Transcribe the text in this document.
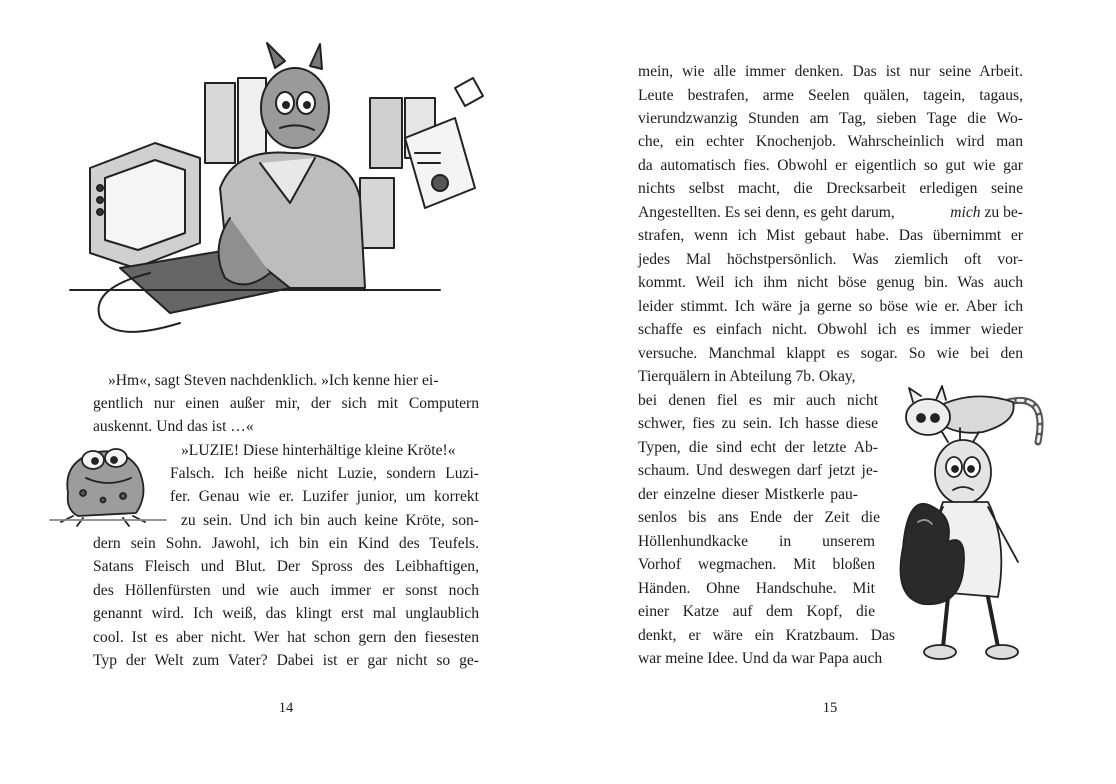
»Hm«, sagt Steven nachdenklich. »Ich kenne hier ei-
gentlich nur einen außer mir, der sich mit Computern
auskennt. Und das ist …«
»LUZIE! Diese hinterhältige kleine Kröte!«
Falsch. Ich heiße nicht Luzie, sondern Luzi-
fer. Genau wie er. Luzifer junior, um korrekt
zu sein. Und ich bin auch keine Kröte, son-
dern sein Sohn. Jawohl, ich bin ein Kind des Teufels.
Satans Fleisch und Blut. Der Spross des Leibhaftigen,
des Höllenfürsten und wie auch immer er sonst noch
genannt wird. Ich weiß, das klingt erst mal unglaublich
cool. Ist es aber nicht. Wer hat schon gern den fiesesten
Typ der Welt zum Vater? Dabei ist er gar nicht so ge-
14
mein, wie alle immer denken. Das ist nur seine Arbeit.
Leute bestrafen, arme Seelen quälen, tagein, tagaus,
vierundzwanzig Stunden am Tag, sieben Tage die Wo-
che, ein echter Knochenjob. Wahrscheinlich wird man
da automatisch fies. Obwohl er eigentlich so gut wie gar
nichts selbst macht, die Drecksarbeit erledigen seine
Angestellten. Es sei denn, es geht darum,	mich zu be-
strafen, wenn ich Mist gebaut habe. Das übernimmt er
jedes Mal höchstpersönlich. Was ziemlich oft vor-
kommt. Weil ich ihm nicht böse genug bin. Was auch
leider stimmt. Ich wäre ja gerne so böse wie er. Aber ich
schaffe es einfach nicht. Obwohl ich es immer wieder
versuche. Manchmal klappt es sogar. So wie bei den
Tierquälern in Abteilung 7b. Okay,
bei denen fiel es mir auch nicht
schwer, fies zu sein. Ich hasse diese
Typen, die sind echt der letzte Ab-
schaum. Und deswegen darf jetzt je-
der einzelne dieser Mistkerle pau-
senlos bis ans Ende der Zeit die
Höllenhundkacke in unserem
Vorhof wegmachen. Mit bloßen
Händen. Ohne Handschuhe. Mit
einer Katze auf dem Kopf, die
denkt, er wäre ein Kratzbaum. Das
war meine Idee. Und da war Papa auch
15
